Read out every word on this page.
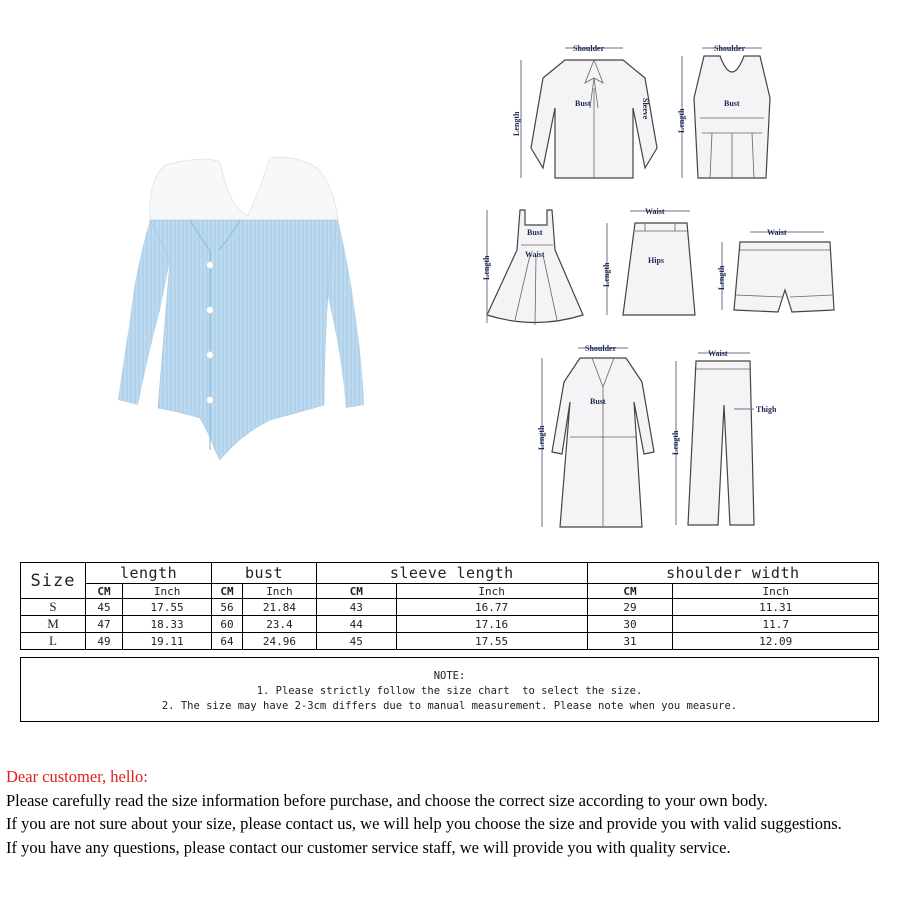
Shoulder
Bust	Sleeve
Length
Shoulder
Bust
Length
Bust
Waist
Length
Waist
Hips
Length
Waist
Length
Shoulder
Bust
Length
Waist
Thigh
Length
Size	length		bust		sleeve length		shoulder width	
	CM	Inch	CM	Inch	CM	Inch	CM	Inch
S	45	17.55	56	21.84	43	16.77	29	11.31
M	47	18.33	60	23.4	44	17.16	30	11.7
L	49	19.11	64	24.96	45	17.55	31	12.09
NOTE:
1. Please strictly follow the size chart  to select the size.
2. The size may have 2-3cm differs due to manual measurement. Please note when you measure.

Dear customer, hello:

Please carefully read the size information before purchase, and choose the correct size according to your own body.

If you are not sure about your size, please contact us, we will help you choose the size and provide you with valid suggestions.

If you have any questions, please contact our customer service staff, we will provide you with quality service.
